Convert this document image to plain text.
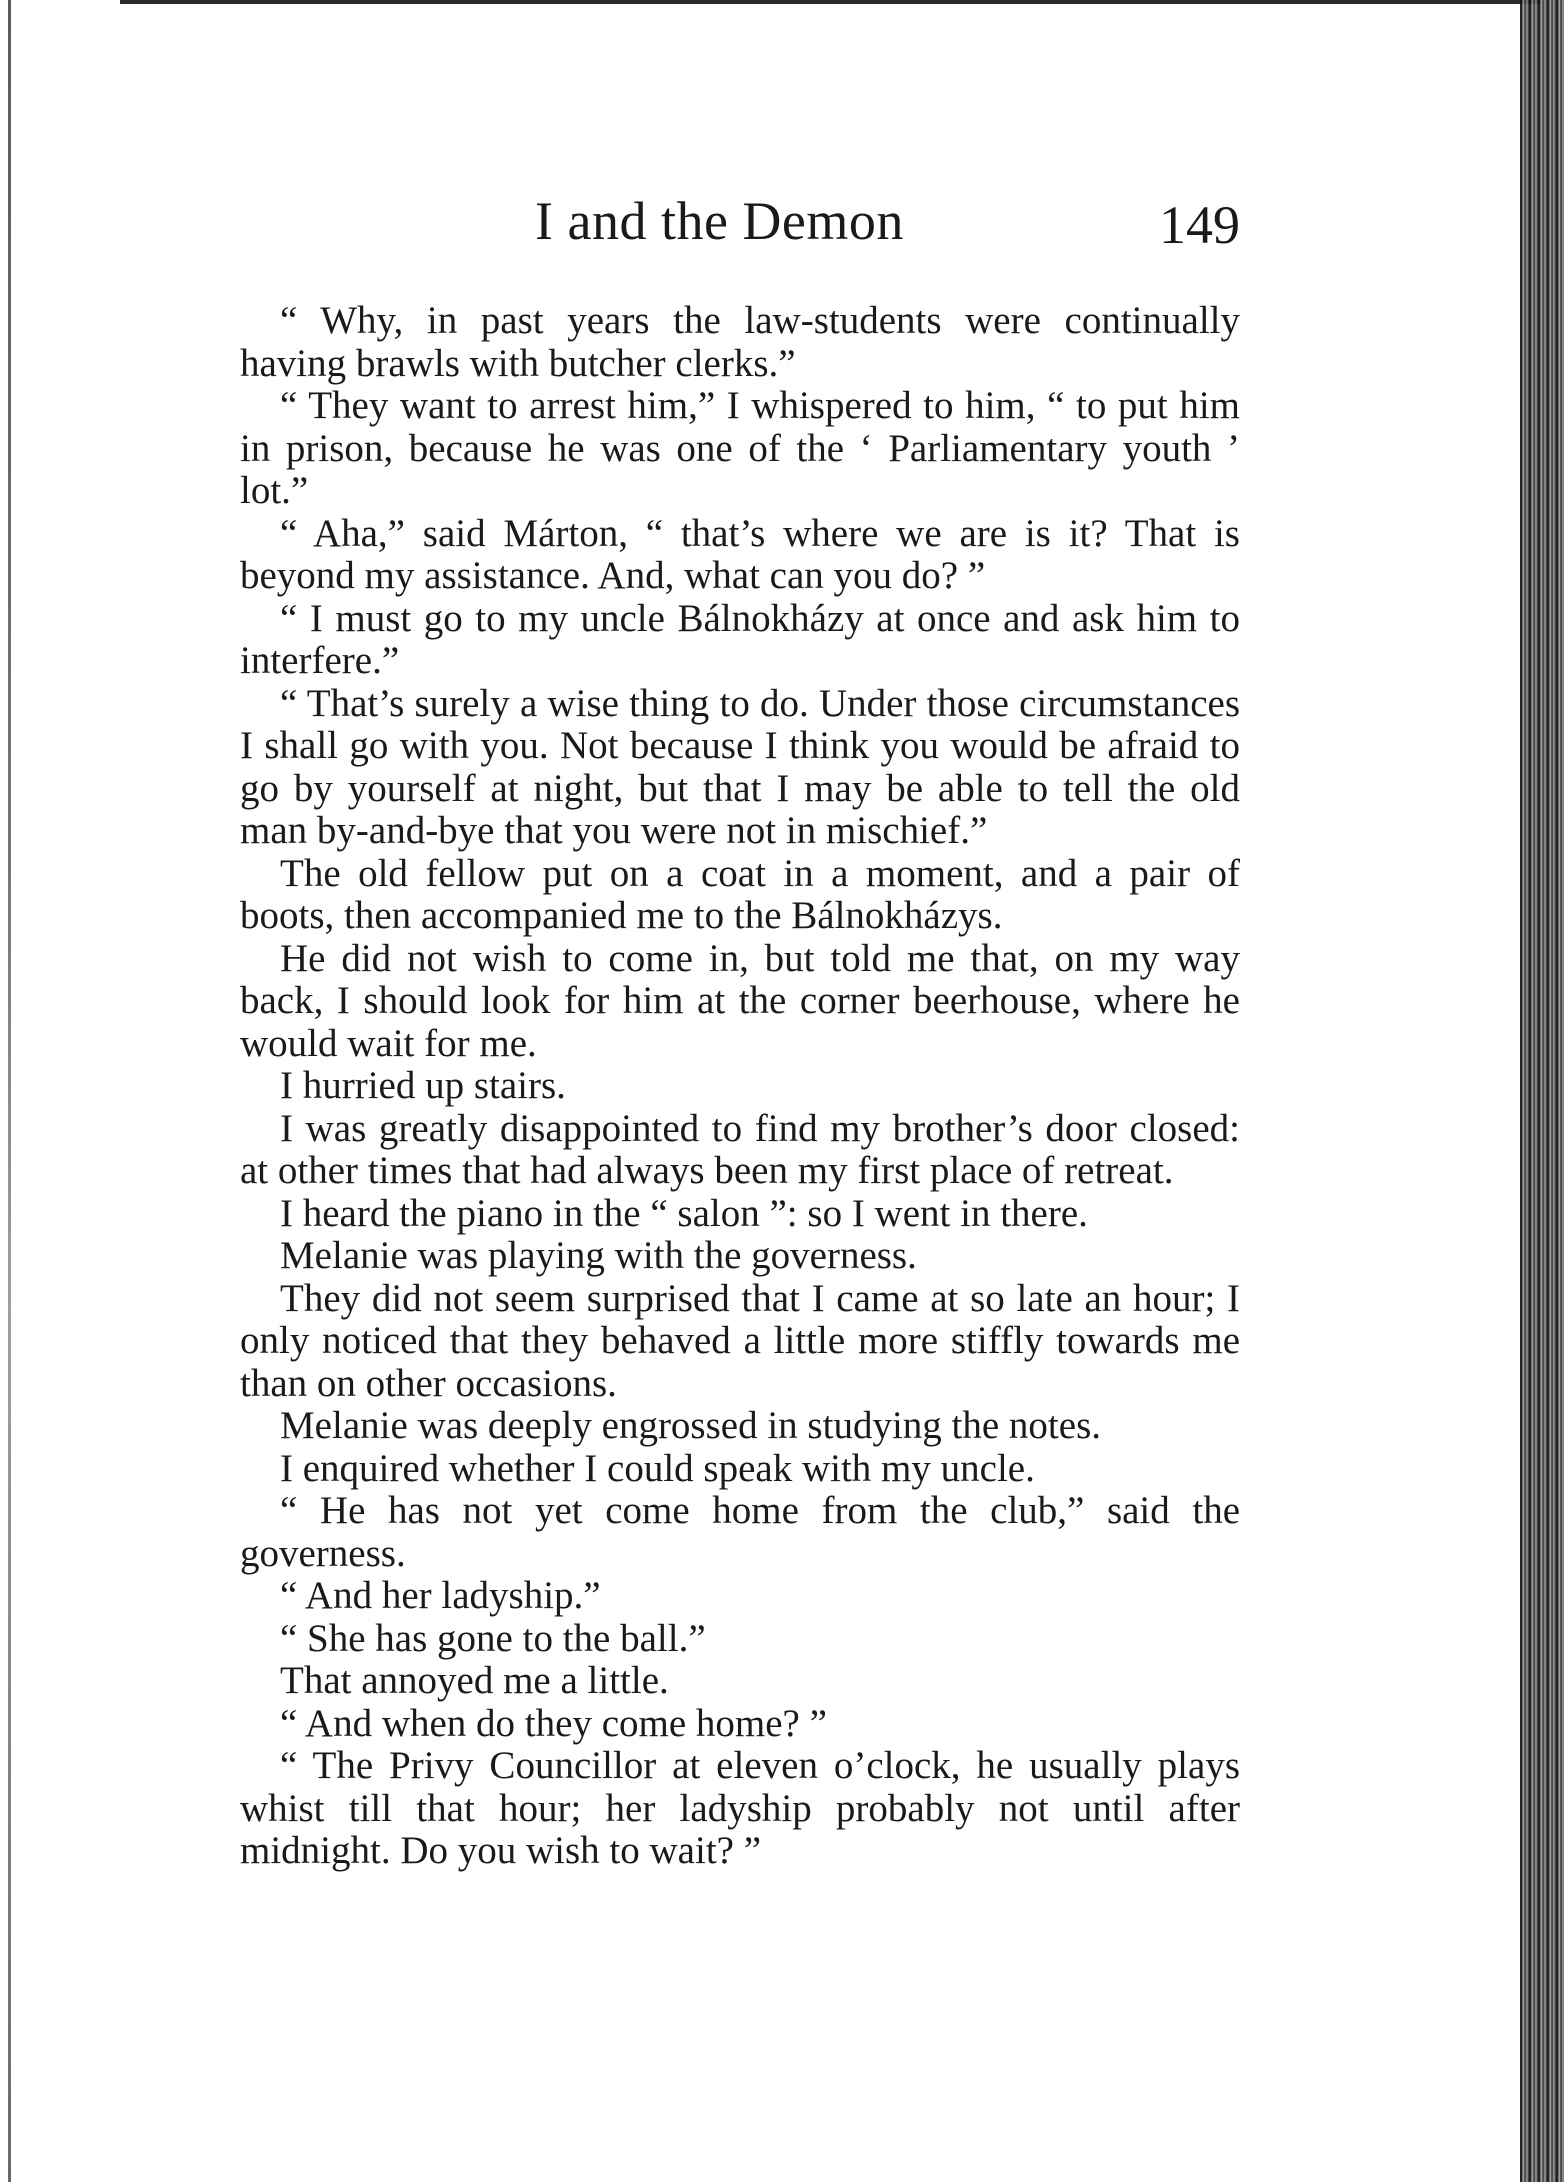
I and the Demon	149

“ Why, in past years the law-students were continually having brawls with butcher clerks.”

“ They want to arrest him,” I whispered to him, “ to put him in prison, because he was one of the ‘ Parliamentary youth ’ lot.”

“ Aha,” said Márton, “ that’s where we are is it? That is beyond my assistance. And, what can you do? ”

“ I must go to my uncle Bálnokházy at once and ask him to interfere.”

“ That’s surely a wise thing to do. Under those circumstances I shall go with you. Not because I think you would be afraid to go by yourself at night, but that I may be able to tell the old man by-and-bye that you were not in mischief.”

The old fellow put on a coat in a moment, and a pair of boots, then accompanied me to the Bálnokházys.

He did not wish to come in, but told me that, on my way back, I should look for him at the corner beerhouse, where he would wait for me.

I hurried up stairs.

I was greatly disappointed to find my brother’s door closed: at other times that had always been my first place of retreat.

I heard the piano in the “ salon ”: so I went in there.

Melanie was playing with the governess.

They did not seem surprised that I came at so late an hour; I only noticed that they behaved a little more stiffly towards me than on other occasions.

Melanie was deeply engrossed in studying the notes.

I enquired whether I could speak with my uncle.

“ He has not yet come home from the club,” said the governess.

“ And her ladyship.”

“ She has gone to the ball.”

That annoyed me a little.

“ And when do they come home? ”

“ The Privy Councillor at eleven o’clock, he usually plays whist till that hour; her ladyship probably not until after midnight. Do you wish to wait? ”
